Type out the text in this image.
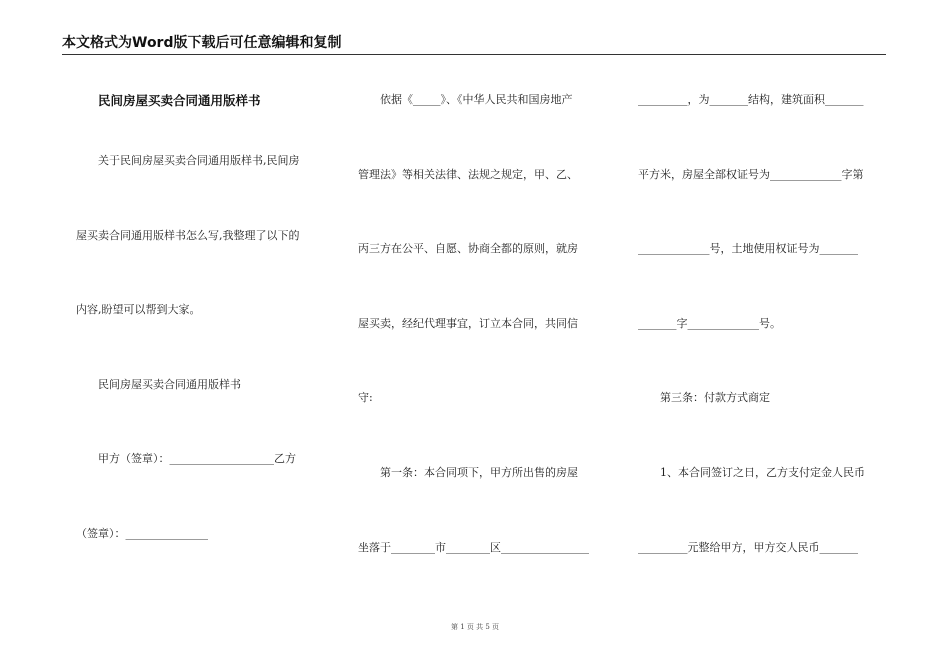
本文格式为Word版下载后可任意编辑和复制
民间房屋买卖合同通用版样书
关于民间房屋买卖合同通用版样书,民间房
屋买卖合同通用版样书怎么写,我整理了以下的
内容,盼望可以帮到大家。
民间房屋买卖合同通用版样书
甲方（签章）：___________________乙方
（签章）：_______________
依据《_____》、《中华人民共和国房地产
管理法》等相关法律、法规之规定，甲、乙、
丙三方在公平、自愿、协商全都的原则，就房
屋买卖，经纪代理事宜，订立本合同，共同信
守:
第一条：本合同项下，甲方所出售的房屋
坐落于________市________区________________
_________，为_______结构，建筑面积_______
平方米，房屋全部权证号为_____________字第
_____________号，土地使用权证号为_______
_______字_____________号。
第三条：付款方式商定
1、本合同签订之日，乙方支付定金人民币
_________元整给甲方，甲方交人民币_______
第 1 页 共 5 页
